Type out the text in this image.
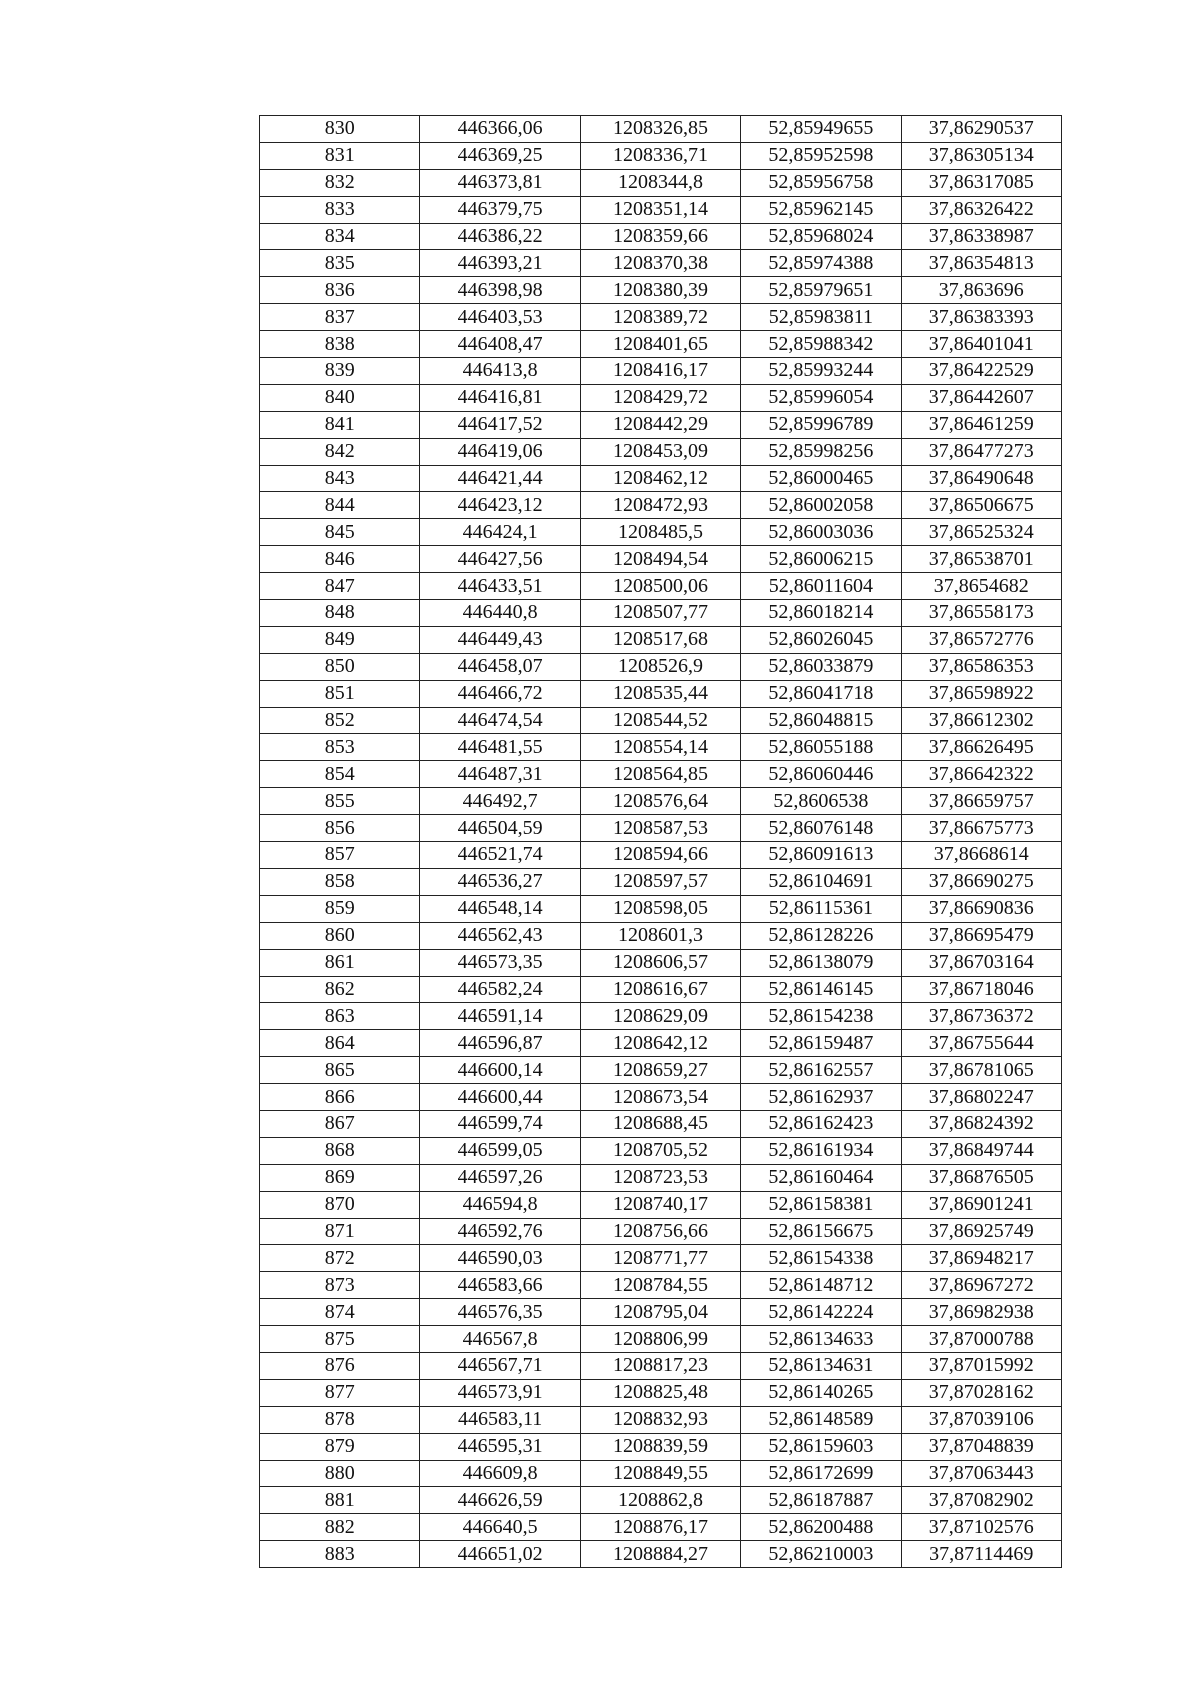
830	446366,06	1208326,85	52,85949655	37,86290537
831	446369,25	1208336,71	52,85952598	37,86305134
832	446373,81	1208344,8	52,85956758	37,86317085
833	446379,75	1208351,14	52,85962145	37,86326422
834	446386,22	1208359,66	52,85968024	37,86338987
835	446393,21	1208370,38	52,85974388	37,86354813
836	446398,98	1208380,39	52,85979651	37,863696
837	446403,53	1208389,72	52,85983811	37,86383393
838	446408,47	1208401,65	52,85988342	37,86401041
839	446413,8	1208416,17	52,85993244	37,86422529
840	446416,81	1208429,72	52,85996054	37,86442607
841	446417,52	1208442,29	52,85996789	37,86461259
842	446419,06	1208453,09	52,85998256	37,86477273
843	446421,44	1208462,12	52,86000465	37,86490648
844	446423,12	1208472,93	52,86002058	37,86506675
845	446424,1	1208485,5	52,86003036	37,86525324
846	446427,56	1208494,54	52,86006215	37,86538701
847	446433,51	1208500,06	52,86011604	37,8654682
848	446440,8	1208507,77	52,86018214	37,86558173
849	446449,43	1208517,68	52,86026045	37,86572776
850	446458,07	1208526,9	52,86033879	37,86586353
851	446466,72	1208535,44	52,86041718	37,86598922
852	446474,54	1208544,52	52,86048815	37,86612302
853	446481,55	1208554,14	52,86055188	37,86626495
854	446487,31	1208564,85	52,86060446	37,86642322
855	446492,7	1208576,64	52,8606538	37,86659757
856	446504,59	1208587,53	52,86076148	37,86675773
857	446521,74	1208594,66	52,86091613	37,8668614
858	446536,27	1208597,57	52,86104691	37,86690275
859	446548,14	1208598,05	52,86115361	37,86690836
860	446562,43	1208601,3	52,86128226	37,86695479
861	446573,35	1208606,57	52,86138079	37,86703164
862	446582,24	1208616,67	52,86146145	37,86718046
863	446591,14	1208629,09	52,86154238	37,86736372
864	446596,87	1208642,12	52,86159487	37,86755644
865	446600,14	1208659,27	52,86162557	37,86781065
866	446600,44	1208673,54	52,86162937	37,86802247
867	446599,74	1208688,45	52,86162423	37,86824392
868	446599,05	1208705,52	52,86161934	37,86849744
869	446597,26	1208723,53	52,86160464	37,86876505
870	446594,8	1208740,17	52,86158381	37,86901241
871	446592,76	1208756,66	52,86156675	37,86925749
872	446590,03	1208771,77	52,86154338	37,86948217
873	446583,66	1208784,55	52,86148712	37,86967272
874	446576,35	1208795,04	52,86142224	37,86982938
875	446567,8	1208806,99	52,86134633	37,87000788
876	446567,71	1208817,23	52,86134631	37,87015992
877	446573,91	1208825,48	52,86140265	37,87028162
878	446583,11	1208832,93	52,86148589	37,87039106
879	446595,31	1208839,59	52,86159603	37,87048839
880	446609,8	1208849,55	52,86172699	37,87063443
881	446626,59	1208862,8	52,86187887	37,87082902
882	446640,5	1208876,17	52,86200488	37,87102576
883	446651,02	1208884,27	52,86210003	37,87114469
